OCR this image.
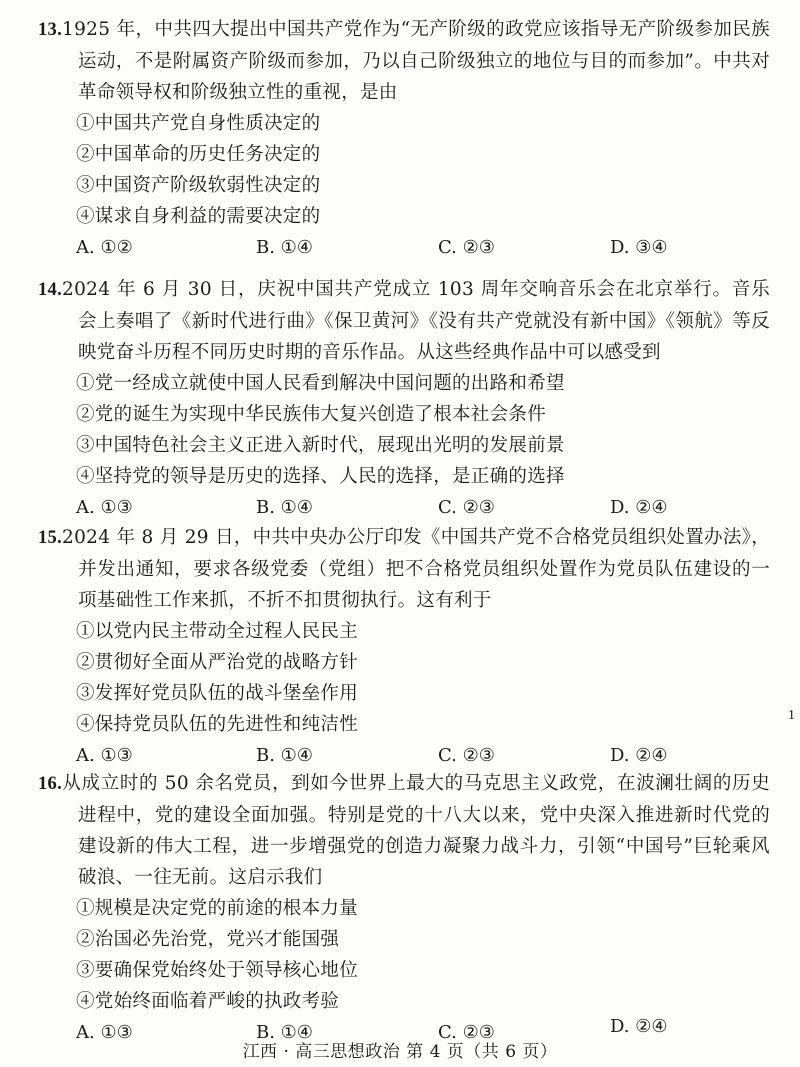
13.1925 年，中共四大提出中国共产党作为“无产阶级的政党应该指导无产阶级参加民族运动，不是附属资产阶级而参加，乃以自己阶级独立的地位与目的而参加”。中共对革命领导权和阶级独立性的重视，是由

①中国共产党自身性质决定的

②中国革命的历史任务决定的

③中国资产阶级软弱性决定的

④谋求自身利益的需要决定的

A. ①②	B. ①④	C. ②③	D. ③④

14.2024 年 6 月 30 日，庆祝中国共产党成立 103 周年交响音乐会在北京举行。音乐会上奏唱了《新时代进行曲》《保卫黄河》《没有共产党就没有新中国》《领航》等反映党奋斗历程不同历史时期的音乐作品。从这些经典作品中可以感受到

①党一经成立就使中国人民看到解决中国问题的出路和希望

②党的诞生为实现中华民族伟大复兴创造了根本社会条件

③中国特色社会主义正进入新时代，展现出光明的发展前景

④坚持党的领导是历史的选择、人民的选择，是正确的选择

A. ①③	B. ①④	C. ②③	D. ②④

15.2024 年 8 月 29 日，中共中央办公厅印发《中国共产党不合格党员组织处置办法》，并发出通知，要求各级党委（党组）把不合格党员组织处置作为党员队伍建设的一项基础性工作来抓，不折不扣贯彻执行。这有利于

①以党内民主带动全过程人民民主

②贯彻好全面从严治党的战略方针

③发挥好党员队伍的战斗堡垒作用

④保持党员队伍的先进性和纯洁性

A. ①③	B. ①④	C. ②③	D. ②④

16.从成立时的 50 余名党员，到如今世界上最大的马克思主义政党，在波澜壮阔的历史进程中，党的建设全面加强。特别是党的十八大以来，党中央深入推进新时代党的建设新的伟大工程，进一步增强党的创造力凝聚力战斗力，引领“中国号”巨轮乘风破浪、一往无前。这启示我们

①规模是决定党的前途的根本力量

②治国必先治党，党兴才能国强

③要确保党始终处于领导核心地位

④党始终面临着严峻的执政考验

A. ①③	B. ①④	C. ②③	D. ②④
1
江西 · 高三思想政治 第 4 页（共 6 页）
